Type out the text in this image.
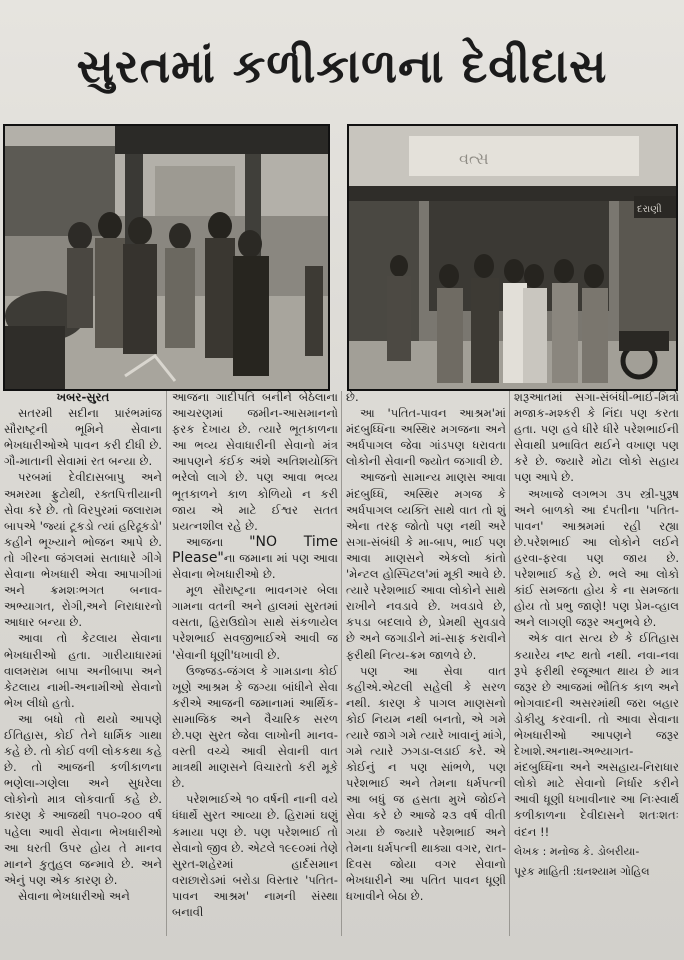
સુરતમાં કળીકાળના દેવીદાસ
વત્સ
દરાણી

ખબર-સુરત

સતરમી સદીના પ્રારંભમાંજ સૌરાષ્ટ્રની ભૂમિને સેવાના ભેખધારીઓએ પાવન કરી દીધી છે. ગૌ-માતાની સેવામાં રત બન્યા છે.

પરબમાં દેવીદાસબાપુ અને અમરમા ફ્રુટોથી, રક્તપિત્તીયાની સેવા કરે છે. તો વિરપુરમાં જલારામ બાપએ 'જ્યાં ટૂકડો ત્યાં હરિઢૂકડો' કહીને ભૂખ્યાને ભોજન આપે છે. તો ગીરના જંગલમાં સતાધારે ગીગે સેવાના ભેખધારી એવા આપાગીગાં અને ક્રમશઃભગત બનાવ-અભ્યાગત, રોગી,અને નિરાધારનો આધાર બન્યા છે.

આવા તો કેટલાય સેવાના ભેખધારીઓ હતા. ગારીયાધારમાં વાલમરામ બાપા અનીબાપા અને કેટલાય નામી-અનામીઓ સેવાનો ભેખ લીધો હતો.

આ બધો તો થયો આપણે ઈતિહાસ, કોઈ તેને ધાર્મિક ગાથા કહે છે. તો કોઈ વળી લોકકથા કહે છે. તો આજની કળીકાળના ભણેલા-ગણેલા અને સુધરેલા લોકોનો માત્ર લોકવાર્તા કહે છે. કારણ કે આજથી ૧૫૦-૨૦૦ વર્ષ પહેલા આવી સેવાના ભેખધારીઓ આ ધરતી ઉપર હોય તે માનવ માનને કુતુહલ જન્માવે છે. અને એનું પણ એક કારણ છે.

સેવાના ભેખધારીઓ અને

આજના ગાદીપતિ બનીને બેઠેલાના આચરણમાં જમીન-આસમાનનો ફરક દેખાય છે. ત્યારે ભૂતકાળના આ ભવ્ય સેવાધારીની સેવાનો મંત્ર આપણને કંઈક અંશે અતિશયોક્તિ ભરેલો લાગે છે. પણ આવા ભવ્ય ભૂતકાળને કાળ કોળિયો ન કરી જાય એ માટે ઈશ્વર સતત પ્રયત્નશીલ રહે છે.

આજના "NO Time Please"ના જમાના માં પણ આવા સેવાના ભેખધારીઓ છે.

મૂળ સૌરાષ્ટ્રના ભાવનગર બેલા ગામના વતની અને હાલમાં સુરતમાં વસતા, હિરાઉદ્યોગ સાથે સંકળાયેલ પરેશભાઈ સવજીભાઈએ આવી જ 'સેવાની ધૂણી'ધખાવી છે.

ઉજ્જડ-જંગલ કે ગામડાના કોઈ ખૂણે આશ્રમ કે જગ્યા બાંધીને સેવા કરીએ આજની જમાનામાં આર્થિક-સામાજિક અને વૈચારિક સરળ છે.પણ સુરત જેવા લાખોની માનવ-વસ્તી વચ્ચે આવી સેવાની વાત માત્રથી માણસને વિચારતો કરી મૂકે છે.

પરેશભાઈએ ૧૦ વર્ષની નાની વયે ધંધાર્થે સુરત આવ્યા છે. હિરામાં ઘણું કમાયા પણ છે. પણ પરેશભાઈ તો સેવાનો જીવ છે. એટલે ૧૯૯૦માં તેણે સુરત-શહેરમાં હાર્દસમાન વરાછારોડમાં બરોડા વિસ્તાર 'પતિત-પાવન આશ્રમ' નામની સંસ્થા બનાવી

છે.

આ 'પતિત-પાવન આશ્રમ'માં મંદબુધ્ધિના અસ્થિર મગજના અને અર્ધપાગલ જેવા ગાંડપણ ધરાવતા લોકોની સેવાની જ્યોત જગાવી છે.

આજનો સામાન્ય માણસ આવા મંદબુધ્ધિ, અસ્થિર મગજ કે અર્ધપાગલ વ્યક્તિ સાથે વાત તો શું એના તરફ જોતો પણ નથી અરે સગા-સંબંધી કે મા-બાપ, ભાઈ પણ આવા માણસને એકલો કાંતો 'મેન્ટલ હોસ્પિટલ'માં મૂકી આવે છે. ત્યારે પરેશભાઈ આવા લોકોને સાથે રાખીને નવડાવે છે. ખવડાવે છે, કપડા બદલાવે છે, પ્રેમથી સુવડાવે છે અને જગાડીને માં-સાફ કરાવીને ફરીથી નિત્ય-ક્રમ જાળવે છે.

પણ આ સેવા વાત કહીએ.એટલી સહેલી કે સરળ નથી. કારણ કે પાગલ માણસનો કોઈ નિયમ નથી બનતો, એ ગમે ત્યારે જાગે ગમે ત્યારે ખાવાનું માંગે, ગમે ત્યારે ઝગડા-લડાઈ કરે. એ કોઈનું ન પણ સાંભળે, પણ પરેશભાઈ અને તેમના ધર્મપત્ની આ બધું જ હસતા મુખે જોઈને સેવા કરે છે આજે ૨૩ વર્ષ વીતી ગયા છે જ્યારે પરેશભાઈ અને તેમના ધર્મપત્ની થાક્યા વગર, રાત-દિવસ જોયા વગર સેવાનો ભેખધારીને આ પતિત પાવન ધૂણી ધખાવીને બેઠા છે.

શરૂઆતમાં સગા-સંબંધી-ભાઈ-મિત્રો મજાક-મશ્કરી કે નિંદા પણ કરતા હતા. પણ હવે ધીરે ધીરે પરેશભાઈની સેવાથી પ્રભાવિત થઈને વખાણ પણ કરે છે. જ્યારે મોટા લોકો સહાય પણ આપે છે.

અખાજે લગભગ ૩૫ સ્ત્રી-પુરૂષ અને બાળકો આ દંપતીના 'પતિત-પાવન' આશ્રમમાં રહી રહ્યા છે.પરેશભાઈ આ લોકોને લઈને હરવા-ફરવા પણ જાય છે. પરેશભાઈ કહે છે. ભલે આ લોકો કાંઈ સમજતા હોય કે ના સમજતા હોય તો પ્રભુ જાણે! પણ પ્રેમ-વ્હાલ અને લાગણી જરૂર અનુભવે છે.

એક વાત સત્ય છે કે ઈતિહાસ કયારેય નષ્ટ થતો નથી. નવા-નવા રૂપે ફરીથી રજૂઆત થાય છે માત્ર જરૂર છે આજમાં ભૌતિક કાળ અને ભોગવાદની અસરમાંથી જરા બહાર ડોકીયુ કરવાની. તો આવા સેવાના ભેખધારીઓ આપણને જરૂર દેખાશે.અનાથ-અભ્યાગત-મંદબુધ્ધિના અને અસહાય-નિરાધાર લોકો માટે સેવાનો નિર્ધાર કરીને આવી ધૂણી ધખાવીનાર આ નિઃસ્વાર્થ કળીકાળના દેવીદાસને શતઃશતઃ વંદન !!

લેખક : મનોજ કે. ડોબરીયા-

પૂરક માહિતી :ઘનશ્યામ ગોહિલ
